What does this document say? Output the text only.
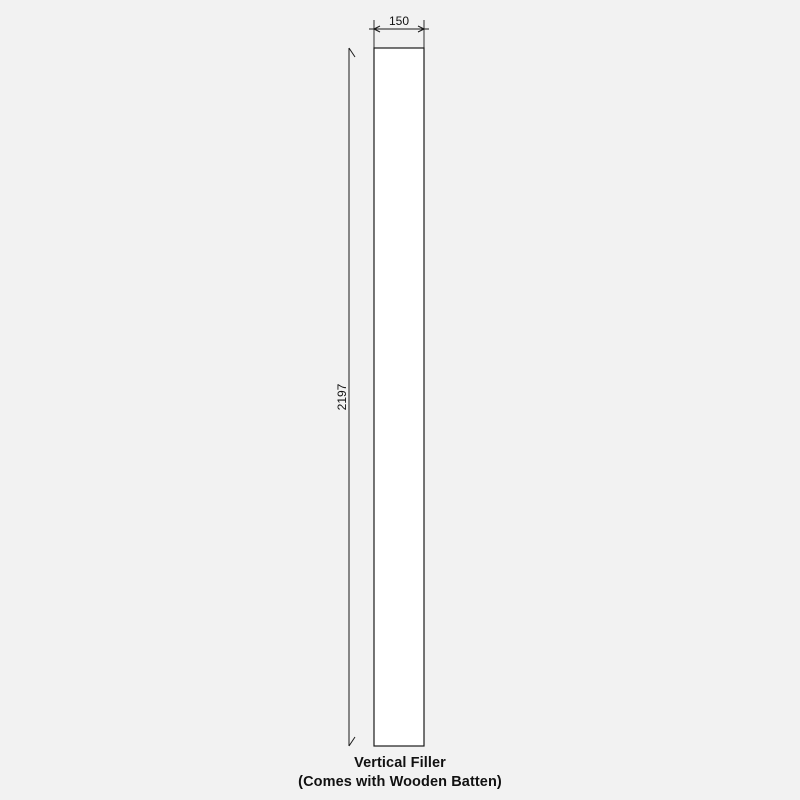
150
2197
Vertical Filler
(Comes with Wooden Batten)
